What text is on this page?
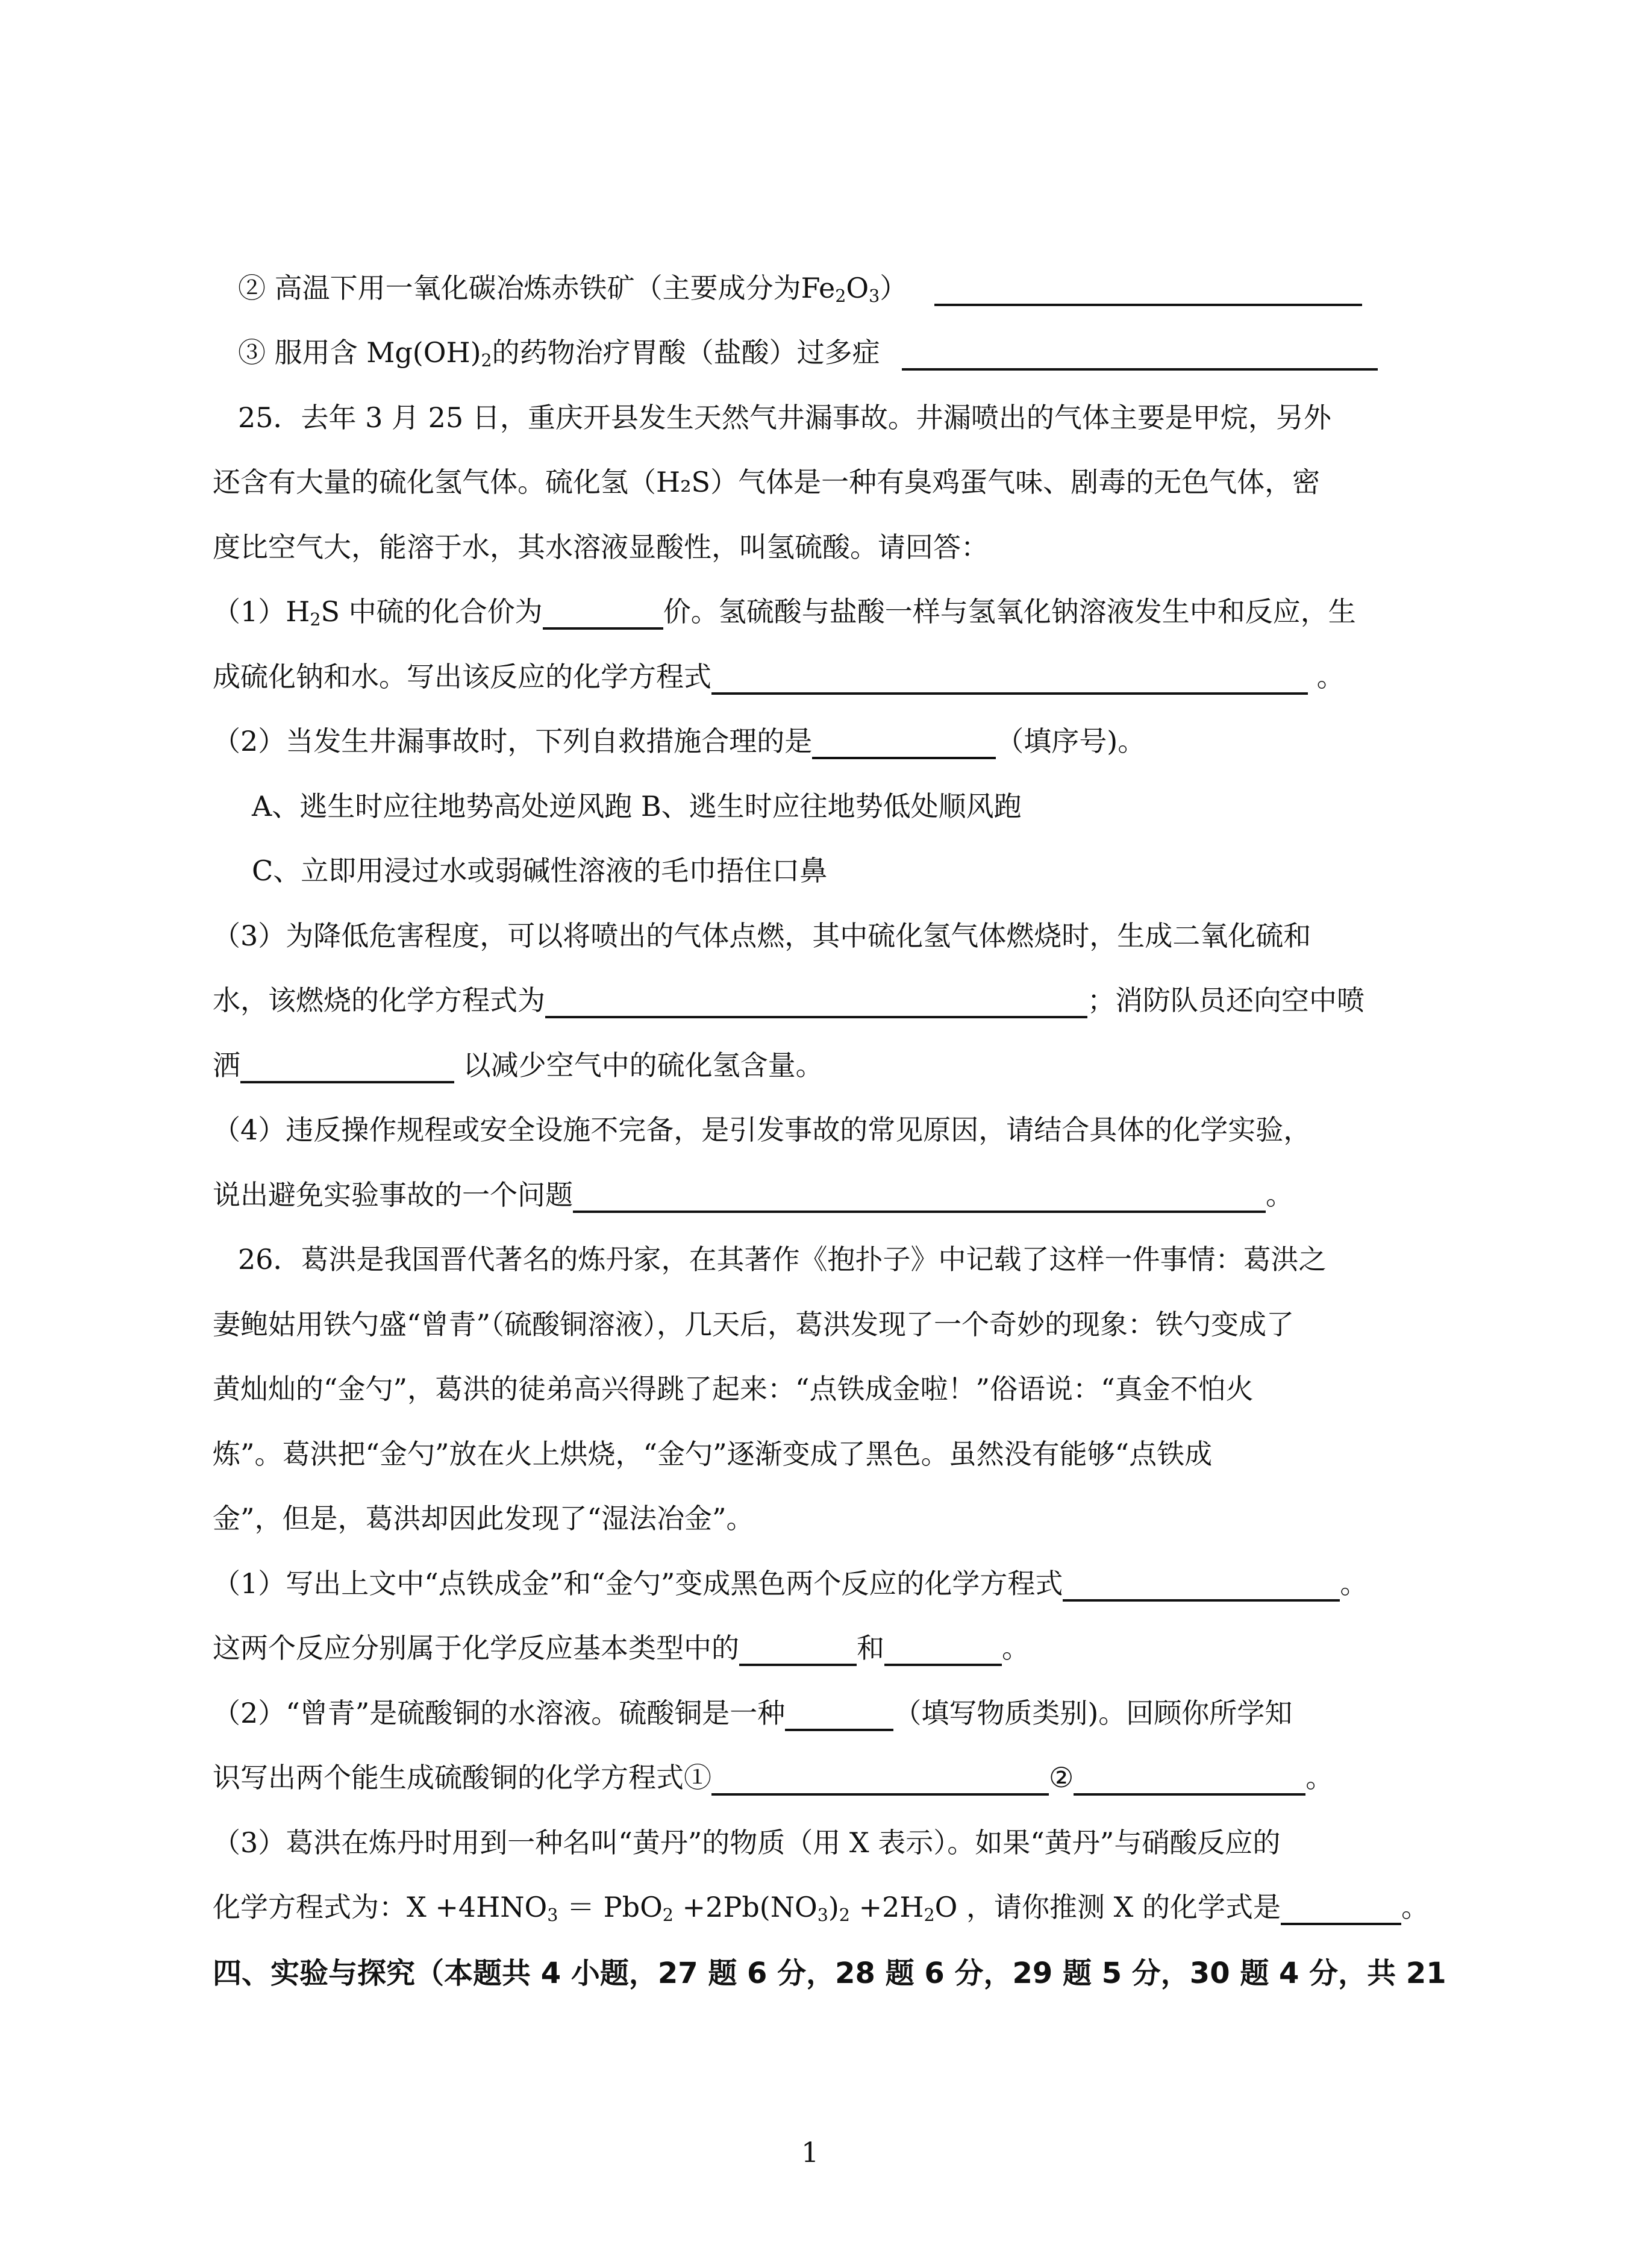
② 高温下用一氧化碳冶炼赤铁矿（主要成分为$Fe_2O_3$）
③ 服用含 $Mg(OH)_2$的药物治疗胃酸（盐酸）过多症
25．去年 3 月 25 日，重庆开县发生天然气井漏事故。井漏喷出的气体主要是甲烷，另外
还含有大量的硫化氢气体。硫化氢（H₂S）气体是一种有臭鸡蛋气味、剧毒的无色气体，密
度比空气大，能溶于水，其水溶液显酸性，叫氢硫酸。请回答：
$(1)H_2S$ 中硫的化合价为	价。氢硫酸与盐酸一样与氢氧化钠溶液发生中和反应，生
成硫化钠和水。写出该反应的化学方程式	。
（2）当发生井漏事故时，下列自救措施合理的是	（填序号)。
A、逃生时应往地势高处逆风跑 B、逃生时应往地势低处顺风跑
C、立即用浸过水或弱碱性溶液的毛巾捂住口鼻
（3）为降低危害程度，可以将喷出的气体点燃，其中硫化氢气体燃烧时，生成二氧化硫和
水，该燃烧的化学方程式为	；消防队员还向空中喷
洒	以减少空气中的硫化氢含量。
（4）违反操作规程或安全设施不完备，是引发事故的常见原因，请结合具体的化学实验，
说出避免实验事故的一个问题	。
26．葛洪是我国晋代著名的炼丹家，在其著作《抱扑子》中记载了这样一件事情：葛洪之
妻鲍姑用铁勺盛“曾青”（硫酸铜溶液），几天后，葛洪发现了一个奇妙的现象：铁勺变成了
黄灿灿的“金勺”，葛洪的徒弟高兴得跳了起来：“点铁成金啦！”俗语说：“真金不怕火
炼”。葛洪把“金勺”放在火上烘烧，“金勺”逐渐变成了黑色。虽然没有能够“点铁成
金”，但是，葛洪却因此发现了“湿法冶金”。
（1）写出上文中“点铁成金”和“金勺”变成黑色两个反应的化学方程式	。
这两个反应分别属于化学反应基本类型中的	和	。
（2）“曾青”是硫酸铜的水溶液。硫酸铜是一种	（填写物质类别)。回顾你所学知
识写出两个能生成硫酸铜的化学方程式①	②	。
（3）葛洪在炼丹时用到一种名叫“黄丹”的物质（用 X 表示）。如果“黄丹”与硝酸反应的
化学方程式为：$X +4HNO_3 = PbO_2 +2Pb(NO_3)_2 +2H_2O$ ，请你推测 X 的化学式是	。
四、实验与探究（本题共 4 小题，27 题 6 分，28 题 6 分，29 题 5 分，30 题 4 分，共 21
1
